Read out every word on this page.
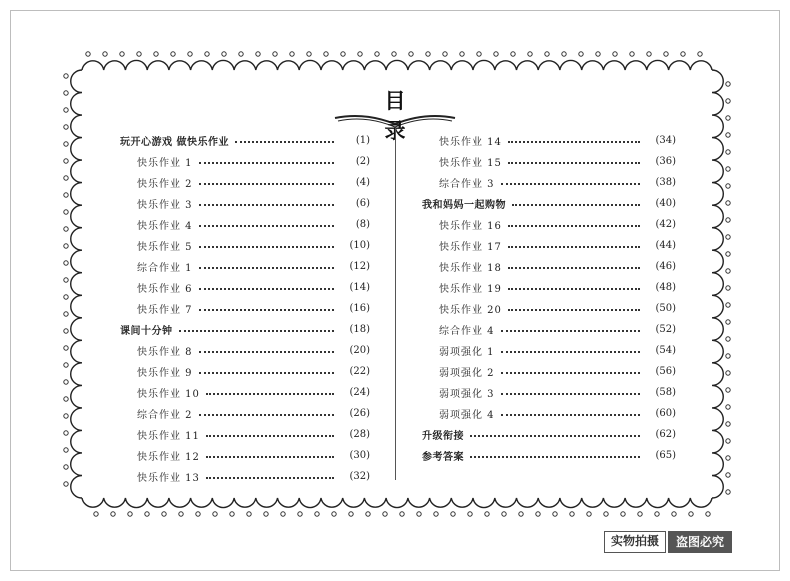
目录
玩开心游戏 做快乐作业	(1)
快乐作业 1	(2)
快乐作业 2	(4)
快乐作业 3	(6)
快乐作业 4	(8)
快乐作业 5	(10)
综合作业 1	(12)
快乐作业 6	(14)
快乐作业 7	(16)
课间十分钟	(18)
快乐作业 8	(20)
快乐作业 9	(22)
快乐作业 10	(24)
综合作业 2	(26)
快乐作业 11	(28)
快乐作业 12	(30)
快乐作业 13	(32)
快乐作业 14	(34)
快乐作业 15	(36)
综合作业 3	(38)
我和妈妈一起购物	(40)
快乐作业 16	(42)
快乐作业 17	(44)
快乐作业 18	(46)
快乐作业 19	(48)
快乐作业 20	(50)
综合作业 4	(52)
弱项强化 1	(54)
弱项强化 2	(56)
弱项强化 3	(58)
弱项强化 4	(60)
升级衔接	(62)
参考答案	(65)
实物拍摄	盗图必究
